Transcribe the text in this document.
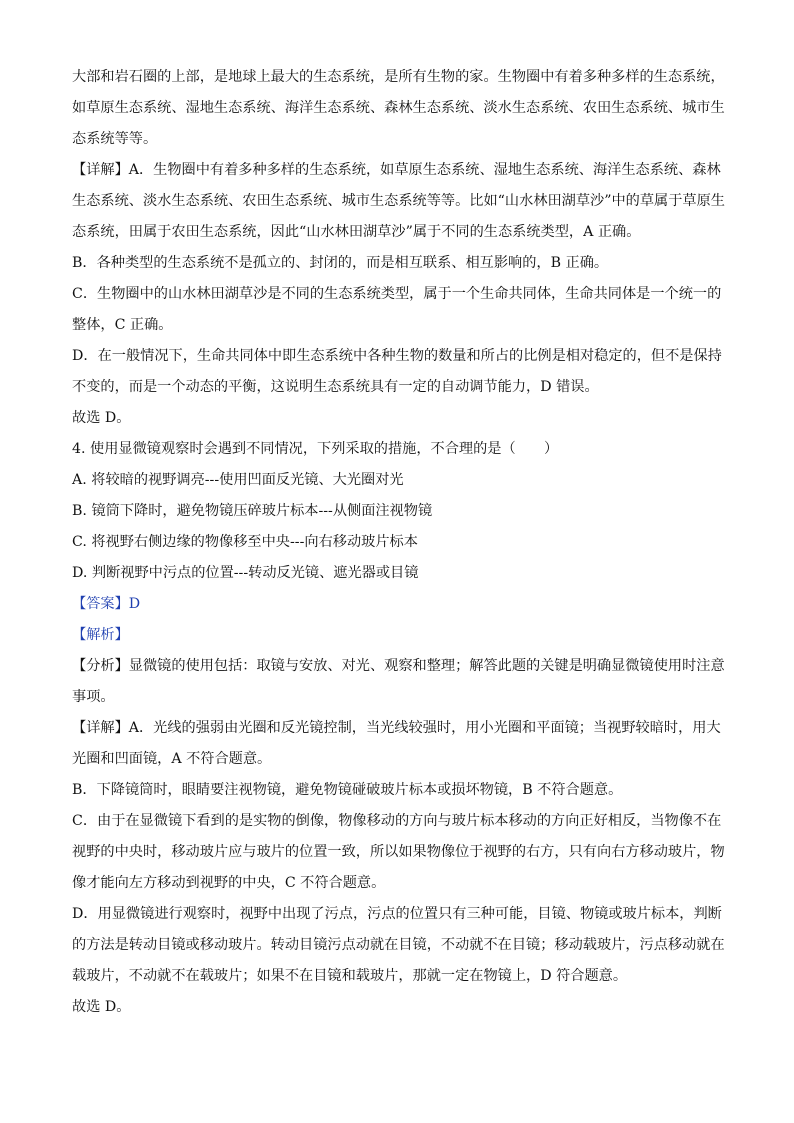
大部和岩石圈的上部，是地球上最大的生态系统，是所有生物的家。生物圈中有着多种多样的生态系统，

如草原生态系统、湿地生态系统、海洋生态系统、森林生态系统、淡水生态系统、农田生态系统、城市生

态系统等等。

【详解】A．生物圈中有着多种多样的生态系统，如草原生态系统、湿地生态系统、海洋生态系统、森林

生态系统、淡水生态系统、农田生态系统、城市生态系统等等。比如“山水林田湖草沙”中的草属于草原生

态系统，田属于农田生态系统，因此“山水林田湖草沙”属于不同的生态系统类型，A 正确。

B．各种类型的生态系统不是孤立的、封闭的，而是相互联系、相互影响的，B 正确。

C．生物圈中的山水林田湖草沙是不同的生态系统类型，属于一个生命共同体，生命共同体是一个统一的

整体，C 正确。

D．在一般情况下，生命共同体中即生态系统中各种生物的数量和所占的比例是相对稳定的，但不是保持

不变的，而是一个动态的平衡，这说明生态系统具有一定的自动调节能力，D 错误。

故选 D。

4. 使用显微镜观察时会遇到不同情况，下列采取的措施，不合理的是（　　）

A. 将较暗的视野调亮---使用凹面反光镜、大光圈对光

B. 镜筒下降时，避免物镜压碎玻片标本---从侧面注视物镜

C. 将视野右侧边缘的物像移至中央---向右移动玻片标本

D. 判断视野中污点的位置---转动反光镜、遮光器或目镜

【答案】D

【解析】

【分析】显微镜的使用包括：取镜与安放、对光、观察和整理；解答此题的关键是明确显微镜使用时注意

事项。

【详解】A．光线的强弱由光圈和反光镜控制，当光线较强时，用小光圈和平面镜；当视野较暗时，用大

光圈和凹面镜，A 不符合题意。

B．下降镜筒时，眼睛要注视物镜，避免物镜碰破玻片标本或损坏物镜，B 不符合题意。

C．由于在显微镜下看到的是实物的倒像，物像移动的方向与玻片标本移动的方向正好相反，当物像不在

视野的中央时，移动玻片应与玻片的位置一致，所以如果物像位于视野的右方，只有向右方移动玻片，物

像才能向左方移动到视野的中央，C 不符合题意。

D．用显微镜进行观察时，视野中出现了污点，污点的位置只有三种可能，目镜、物镜或玻片标本，判断

的方法是转动目镜或移动玻片。转动目镜污点动就在目镜，不动就不在目镜；移动载玻片，污点移动就在

载玻片，不动就不在载玻片；如果不在目镜和载玻片，那就一定在物镜上，D 符合题意。

故选 D。
